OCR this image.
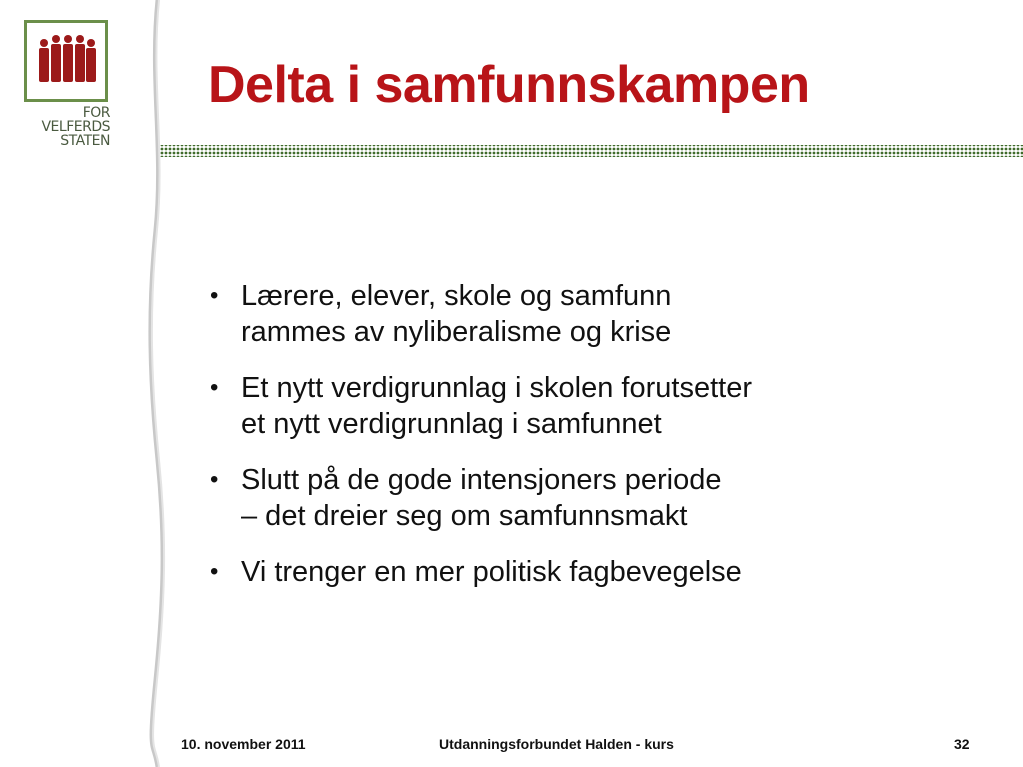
FOR
VELFERDS
STATEN
Delta i samfunnskampen
• Lærere, elever, skole og samfunn
rammes av nyliberalisme og krise
• Et nytt verdigrunnlag i skolen forutsetter
et nytt verdigrunnlag i samfunnet
• Slutt på de gode intensjoners periode
– det dreier seg om samfunnsmakt
• Vi trenger en mer politisk fagbevegelse
10. november 2011	Utdanningsforbundet Halden - kurs	32
